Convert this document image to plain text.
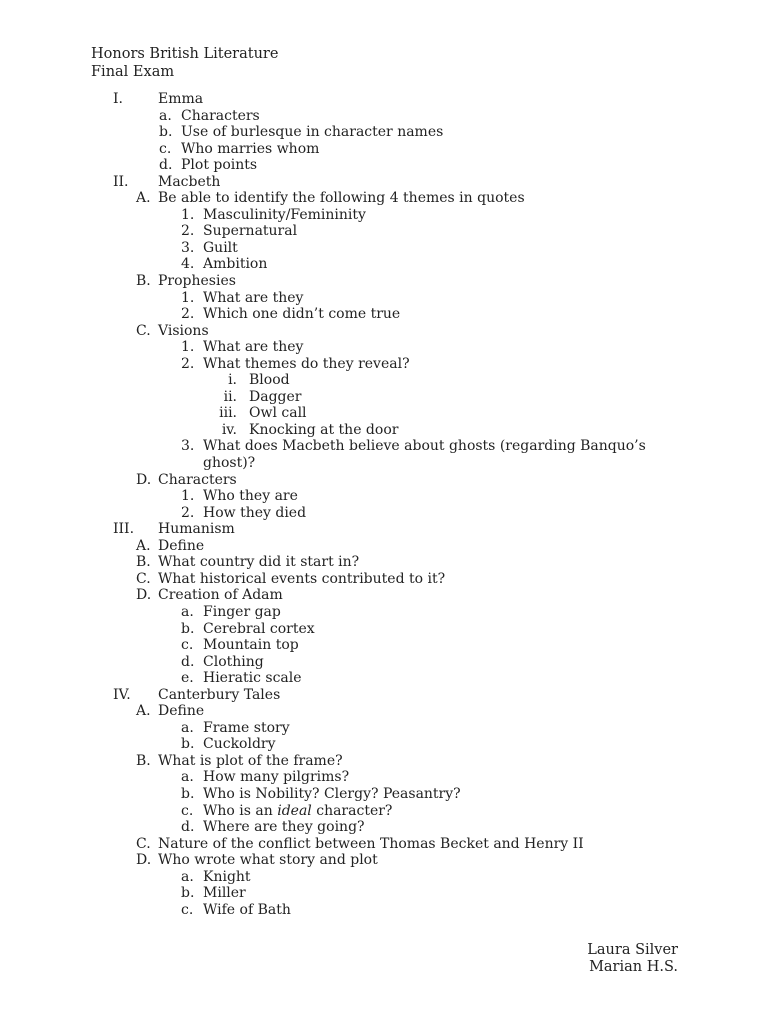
Honors British Literature
Final Exam
I.	Emma
a. Characters
b. Use of burlesque in character names
c. Who marries whom
d. Plot points
II. Macbeth
A. Be able to identify the following 4 themes in quotes
1. Masculinity/Femininity
2. Supernatural
3. Guilt
4. Ambition
B. Prophesies
1. What are they
2. Which one didn’t come true
C. Visions
1. What are they
2. What themes do they reveal?
i. Blood
ii. Dagger
iii. Owl call
iv. Knocking at the door
3. What does Macbeth believe about ghosts (regarding Banquo’s ghost)?
D. Characters
1. Who they are
2. How they died
III. Humanism
A. Define
B. What country did it start in?
C. What historical events contributed to it?
D. Creation of Adam
a. Finger gap
b. Cerebral cortex
c. Mountain top
d. Clothing
e. Hieratic scale
IV. Canterbury Tales
A. Define
a. Frame story
b. Cuckoldry
B. What is plot of the frame?
a. How many pilgrims?
b. Who is Nobility? Clergy? Peasantry?
c. Who is an ideal character?
d. Where are they going?
C. Nature of the conflict between Thomas Becket and Henry II
D. Who wrote what story and plot
a. Knight
b. Miller
c. Wife of Bath
Laura Silver
Marian H.S.
